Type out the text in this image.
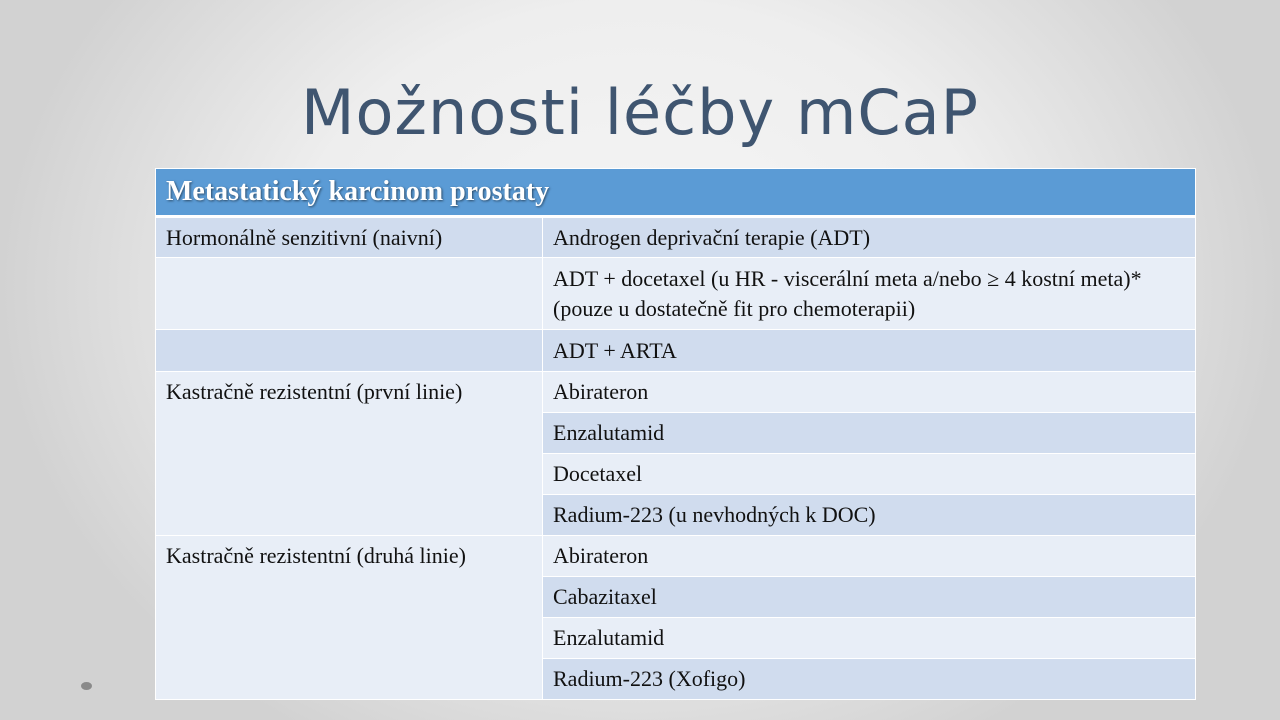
Možnosti léčby mCaP
Metastatický karcinom prostaty	
Hormonálně senzitivní (naivní)	Androgen deprivační terapie (ADT)
	ADT + docetaxel (u HR - viscerální meta a/nebo ≥ 4 kostní meta)* (pouze u dostatečně fit pro chemoterapii)
	ADT + ARTA
Kastračně rezistentní (první linie)	Abirateron
	Enzalutamid
	Docetaxel
	Radium-223 (u nevhodných k DOC)
Kastračně rezistentní (druhá linie)	Abirateron
	Cabazitaxel
	Enzalutamid
	Radium-223 (Xofigo)
